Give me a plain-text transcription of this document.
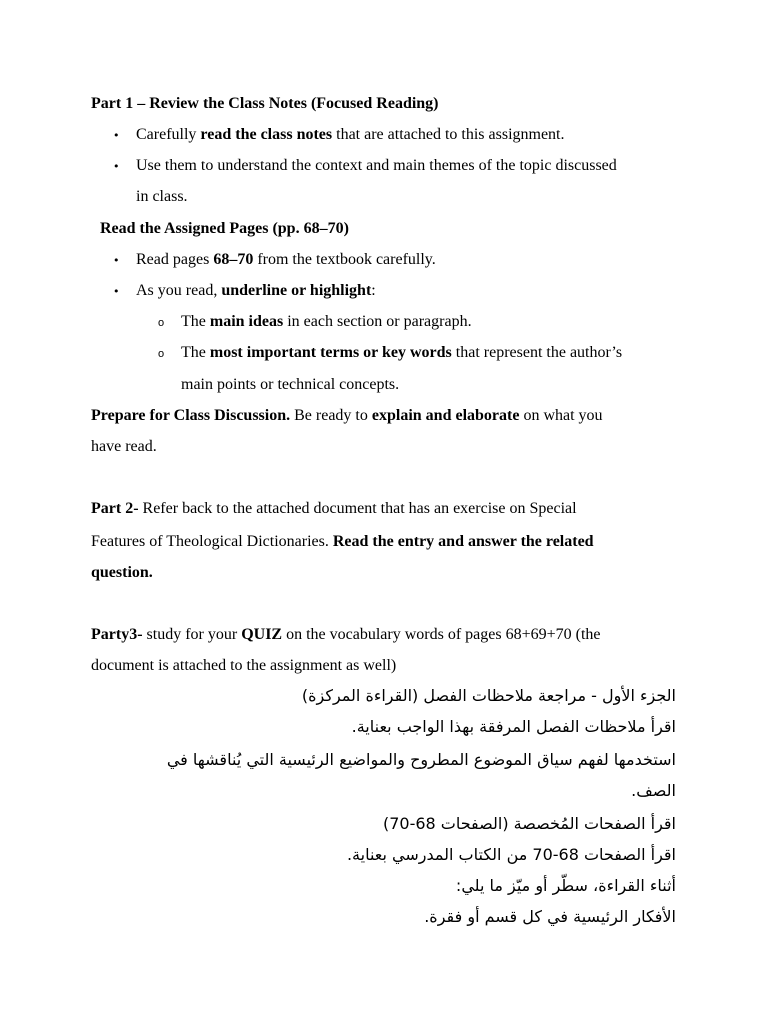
Part 1 – Review the Class Notes (Focused Reading)
• Carefully read the class notes that are attached to this assignment.
• Use them to understand the context and main themes of the topic discussed
in class.
Read the Assigned Pages (pp. 68–70)
• Read pages 68–70 from the textbook carefully.
• As you read, underline or highlight:
o The main ideas in each section or paragraph.
o The most important terms or key words that represent the author’s
main points or technical concepts.
Prepare for Class Discussion. Be ready to explain and elaborate on what you
have read.
Part 2- Refer back to the attached document that has an exercise on Special
Features of Theological Dictionaries. Read the entry and answer the related
question.
Party3- study for your QUIZ on the vocabulary words of pages 68+69+70 (the
document is attached to the assignment as well)
الجزء الأول - مراجعة ملاحظات الفصل (القراءة المركزة)
اقرأ ملاحظات الفصل المرفقة بهذا الواجب بعناية.
استخدمها لفهم سياق الموضوع المطروح والمواضيع الرئيسية التي يُناقشها في
الصف.
اقرأ الصفحات المُخصصة (الصفحات 68-70)
اقرأ الصفحات 68-70 من الكتاب المدرسي بعناية.
أثناء القراءة، سطّر أو ميّز ما يلي:
الأفكار الرئيسية في كل قسم أو فقرة.
